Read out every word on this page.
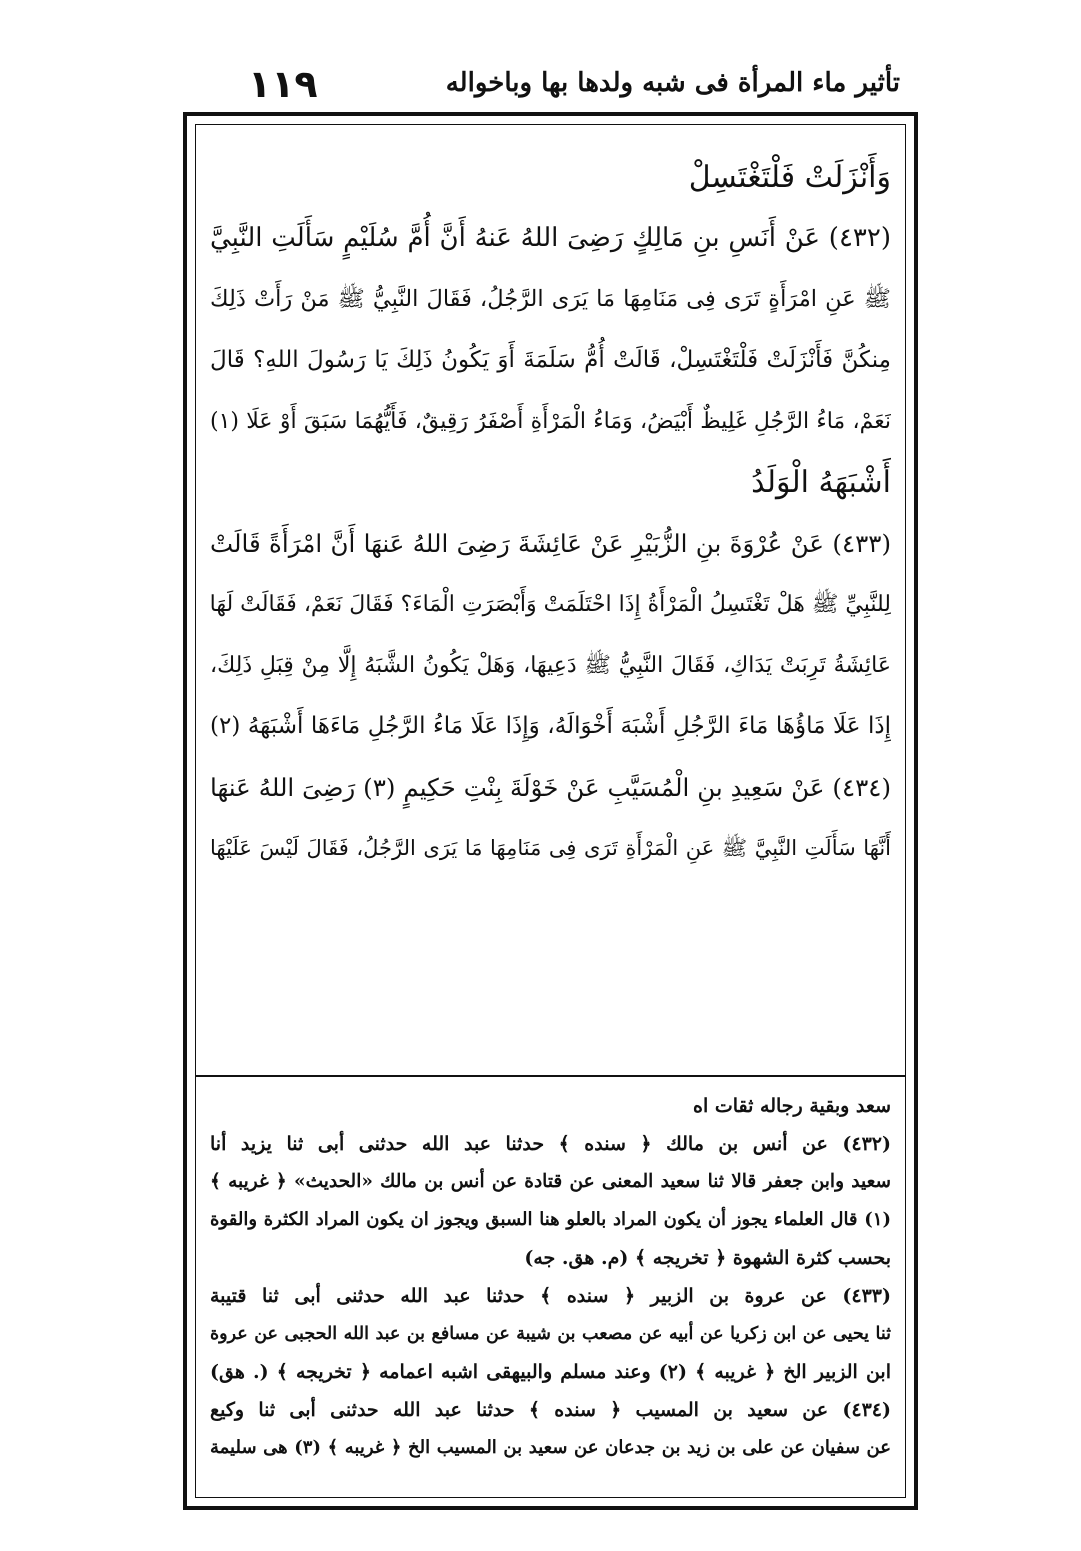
١١٩	تأثير ماء المرأة فى شبه ولدها بها وباخواله
وَأَنْزَلَتْ فَلْتَغْتَسِلْ
(٤٣٢) عَنْ أَنَسِ بنِ مَالِكٍ رَضِىَ اللهُ عَنهُ أَنَّ أُمَّ سُلَيْمٍ سَأَلَتِ النَّبِيَّ
ﷺ عَنِ امْرَأَةٍ تَرَى فِى مَنَامِهَا مَا يَرَى الرَّجُلُ، فَقَالَ النَّبِيُّ ﷺ مَنْ رَأَتْ ذَلِكَ
مِنكُنَّ فَأَنْزَلَتْ فَلْتَغْتَسِلْ، قَالَتْ أُمُّ سَلَمَةَ أَوَ يَكُونُ ذَلِكَ يَا رَسُولَ اللهِ؟ قَالَ
نَعَمْ، مَاءُ الرَّجُلِ غَلِيظٌ أَبْيَضُ، وَمَاءُ الْمَرْأَةِ أَصْفَرُ رَقِيقٌ، فَأَيُّهُمَا سَبَقَ أَوْ عَلَا (١)
أَشْبَهَهُ الْوَلَدُ
(٤٣٣) عَنْ عُرْوَةَ بنِ الزُّبَيْرِ عَنْ عَائِشَةَ رَضِىَ اللهُ عَنهَا أَنَّ امْرَأَةً قَالَتْ
لِلنَّبِيِّ ﷺ هَلْ تَغْتَسِلُ الْمَرْأَةُ إِذَا احْتَلَمَتْ وَأَبْصَرَتِ الْمَاءَ؟ فَقَالَ نَعَمْ، فَقَالَتْ لَهَا
عَائِشَةُ تَرِبَتْ يَدَاكِ، فَقَالَ النَّبِيُّ ﷺ دَعِيهَا، وَهَلْ يَكُونُ الشَّبَهُ إِلَّا مِنْ قِبَلِ ذَلِكَ،
إِذَا عَلَا مَاؤُهَا مَاءَ الرَّجُلِ أَشْبَهَ أَخْوَالَهُ، وَإِذَا عَلَا مَاءُ الرَّجُلِ مَاءَهَا أَشْبَهَهُ (٢)
(٤٣٤) عَنْ سَعِيدِ بنِ الْمُسَيَّبِ عَنْ خَوْلَةَ بِنْتِ حَكِيمٍ (٣) رَضِىَ اللهُ عَنهَا
أَنَّهَا سَأَلَتِ النَّبِيَّ ﷺ عَنِ الْمَرْأَةِ تَرَى فِى مَنَامِهَا مَا يَرَى الرَّجُلُ، فَقَالَ لَيْسَ عَلَيْهَا
سعد وبقية رجاله ثقات اه
(٤٣٢) عن أنس بن مالك ﴿ سنده ﴾ حدثنا عبد الله حدثنى أبى ثنا يزيد أنا
سعيد وابن جعفر قالا ثنا سعيد المعنى عن قتادة عن أنس بن مالك «الحديث» ﴿ غريبه ﴾
(١) قال العلماء يجوز أن يكون المراد بالعلو هنا السبق ويجوز ان يكون المراد الكثرة والقوة
بحسب كثرة الشهوة ﴿ تخريجه ﴾ (م. هق. جه)
(٤٣٣) عن عروة بن الزبير ﴿ سنده ﴾ حدثنا عبد الله حدثنى أبى ثنا قتيبة
ثنا يحيى عن ابن زكريا عن أبيه عن مصعب بن شيبة عن مسافع بن عبد الله الحجبى عن عروة
ابن الزبير الخ ﴿ غريبه ﴾ (٢) وعند مسلم والبيهقى اشبه اعمامه ﴿ تخريجه ﴾ (. هق)
(٤٣٤) عن سعيد بن المسيب ﴿ سنده ﴾ حدثنا عبد الله حدثنى أبى ثنا وكيع
عن سفيان عن على بن زيد بن جدعان عن سعيد بن المسيب الخ ﴿ غريبه ﴾ (٣) هى سليمة
